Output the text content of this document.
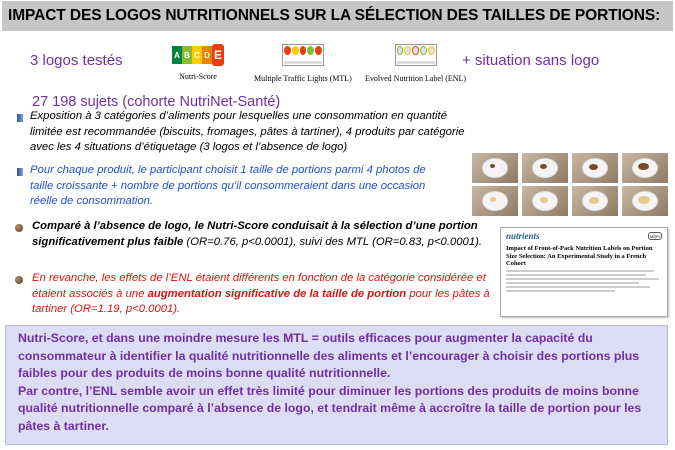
IMPACT DES LOGOS NUTRITIONNELS SUR LA SÉLECTION DES TAILLES DE PORTIONS:
3 logos testés	A B C D E
Nutri-Score	Multiple Traffic Lights (MTL) Evolved Nutrition Label (ENL)
+ situation sans logo
27 198 sujets (cohorte NutriNet-Santé)
Exposition à 3 catégories d’aliments pour lesquelles une consommation en quantité limitée est recommandée (biscuits, fromages, pâtes à tartiner), 4 produits par catégorie avec les 4 situations d’étiquetage (3 logos et l’absence de logo)
Pour chaque produit, le participant choisit 1 taille de portions parmi 4 photos de taille croissante + nombre de portions qu’il consommeraient dans une occasion réelle de consommation.
Comparé à l’absence de logo, le Nutri-Score conduisait à la sélection d’une portion significativement plus faible (OR=0.76, p<0.0001), suivi des MTL (OR=0.83, p<0.0001).
En revanche, les effets de l’ENL étaient différents en fonction de la catégorie considérée et étaient associés à une augmentation significative de la taille de portion pour les pâtes à tartiner (OR=1.19, p<0.0001).
nutrients	MDPI
Impact of Front-of-Pack Nutrition Labels on Portion Size Selection: An Experimental Study in a French Cohort
Nutri-Score, et dans une moindre mesure les MTL = outils efficaces pour augmenter la capacité du consommateur à identifier la qualité nutritionnelle des aliments et l’encourager à choisir des portions plus faibles pour des produits de moins bonne qualité nutritionnelle.
Par contre, l’ENL semble avoir un effet très limité pour diminuer les portions des produits de moins bonne qualité nutritionnelle comparé à l’absence de logo, et tendrait même à accroître la taille de portion pour les pâtes à tartiner.
